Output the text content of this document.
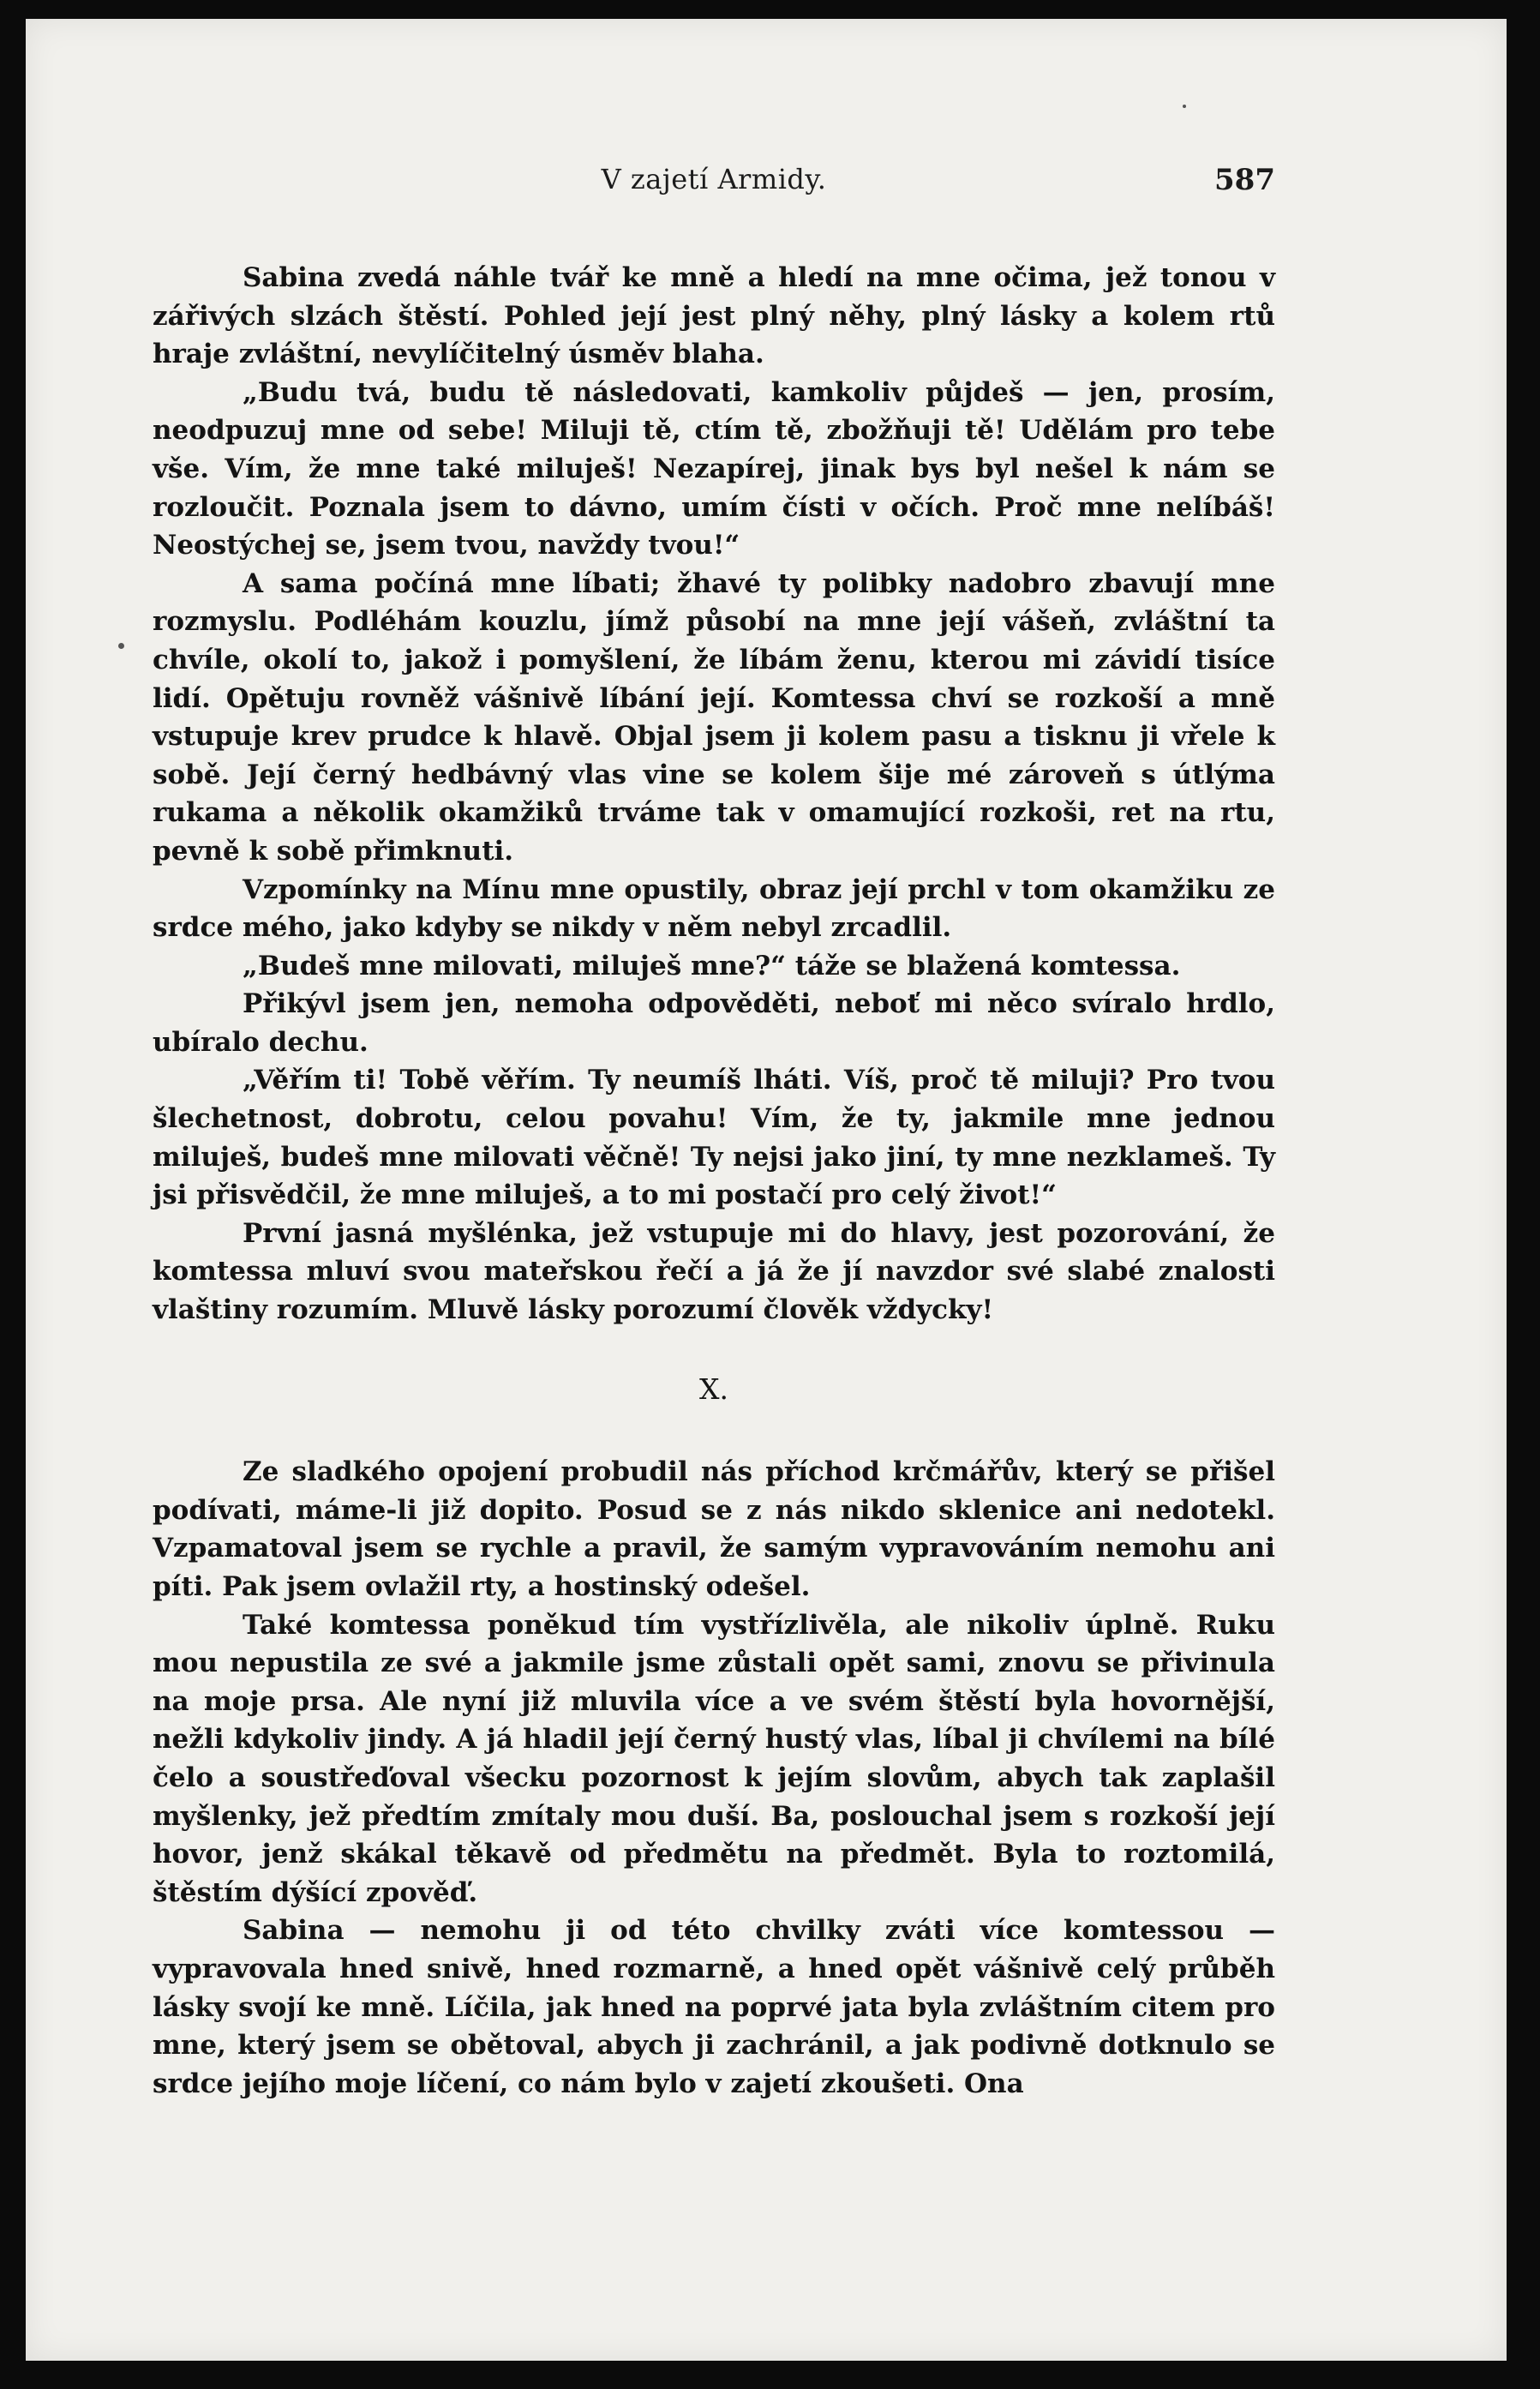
V zajetí Armidy.	587

Sabina zvedá náhle tvář ke mně a hledí na mne očima, jež tonou v zářivých slzách štěstí. Pohled její jest plný něhy, plný lásky a kolem rtů hraje zvláštní, nevylíčitelný úsměv blaha.

„Budu tvá, budu tě následovati, kamkoliv půjdeš — jen, prosím, neodpuzuj mne od sebe! Miluji tě, ctím tě, zbožňuji tě! Udělám pro tebe vše. Vím, že mne také miluješ! Nezapírej, jinak bys byl nešel k nám se rozloučit. Poznala jsem to dávno, umím čísti v očích. Proč mne nelíbáš! Neostýchej se, jsem tvou, navždy tvou!“

A sama počíná mne líbati; žhavé ty polibky nadobro zbavují mne rozmyslu. Podléhám kouzlu, jímž působí na mne její vášeň, zvláštní ta chvíle, okolí to, jakož i pomyšlení, že líbám ženu, kterou mi závidí tisíce lidí. Opětuju rovněž vášnivě líbání její. Komtessa chví se rozkoší a mně vstupuje krev prudce k hlavě. Objal jsem ji kolem pasu a tisknu ji vřele k sobě. Její černý hedbávný vlas vine se kolem šije mé zároveň s útlýma rukama a několik okamžiků trváme tak v omamující rozkoši, ret na rtu, pevně k sobě přimknuti.

Vzpomínky na Mínu mne opustily, obraz její prchl v tom okamžiku ze srdce mého, jako kdyby se nikdy v něm nebyl zrcadlil.

„Budeš mne milovati, miluješ mne?“ táže se blažená komtessa.

Přikývl jsem jen, nemoha odpověděti, neboť mi něco svíralo hrdlo, ubíralo dechu.

„Věřím ti! Tobě věřím. Ty neumíš lháti. Víš, proč tě miluji? Pro tvou šlechetnost, dobrotu, celou povahu! Vím, že ty, jakmile mne jednou miluješ, budeš mne milovati věčně! Ty nejsi jako jiní, ty mne nezklameš. Ty jsi přisvědčil, že mne miluješ, a to mi postačí pro celý život!“

První jasná myšlénka, jež vstupuje mi do hlavy, jest pozorování, že komtessa mluví svou mateřskou řečí a já že jí navzdor své slabé znalosti vlaštiny rozumím. Mluvě lásky porozumí člověk vždycky!

X.

Ze sladkého opojení probudil nás příchod krčmářův, který se přišel podívati, máme-li již dopito. Posud se z nás nikdo sklenice ani nedotekl. Vzpamatoval jsem se rychle a pravil, že samým vypravováním nemohu ani píti. Pak jsem ovlažil rty, a hostinský odešel.

Také komtessa poněkud tím vystřízlivěla, ale nikoliv úplně. Ruku mou nepustila ze své a jakmile jsme zůstali opět sami, znovu se přivinula na moje prsa. Ale nyní již mluvila více a ve svém štěstí byla hovornější, nežli kdykoliv jindy. A já hladil její černý hustý vlas, líbal ji chvílemi na bílé čelo a soustřeďoval všecku pozornost k jejím slovům, abych tak zaplašil myšlenky, jež předtím zmítaly mou duší. Ba, poslouchal jsem s rozkoší její hovor, jenž skákal těkavě od předmětu na předmět. Byla to roztomilá, štěstím dýšící zpověď.

Sabina — nemohu ji od této chvilky zváti více komtessou — vypravovala hned snivě, hned rozmarně, a hned opět vášnivě celý průběh lásky svojí ke mně. Líčila, jak hned na poprvé jata byla zvláštním citem pro mne, který jsem se obětoval, abych ji zachránil, a jak podivně dotknulo se srdce jejího moje líčení, co nám bylo v zajetí zkoušeti. Ona
